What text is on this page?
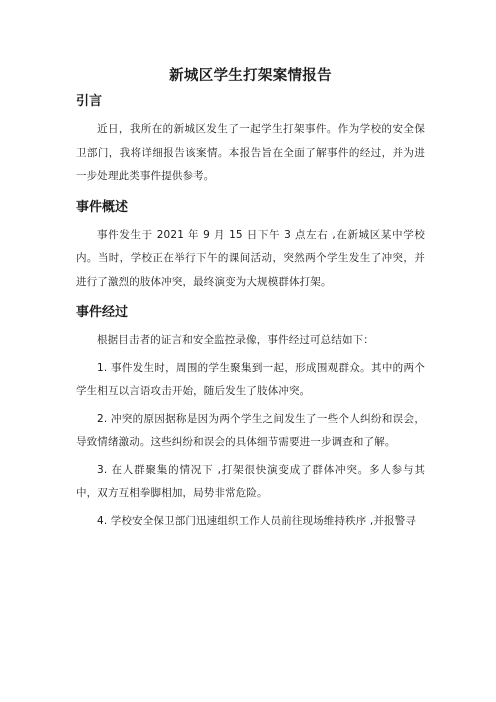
新城区学生打架案情报告
引言

近日，我所在的新城区发生了一起学生打架事件。作为学校的安全保卫部门，我将详细报告该案情。本报告旨在全面了解事件的经过，并为进一步处理此类事件提供参考。

事件概述

事件发生于 2021 年 9 月 15 日下午 3 点左右 ,在新城区某中学校内。当时，学校正在举行下午的课间活动，突然两个学生发生了冲突，并进行了激烈的肢体冲突，最终演变为大规模群体打架。

事件经过

根据目击者的证言和安全监控录像，事件经过可总结如下：

1. 事件发生时，周围的学生聚集到一起，形成围观群众。其中的两个学生相互以言语攻击开始，随后发生了肢体冲突。

2. 冲突的原因据称是因为两个学生之间发生了一些个人纠纷和误会，导致情绪激动。这些纠纷和误会的具体细节需要进一步调查和了解。

3. 在人群聚集的情况下 ,打架很快演变成了群体冲突。多人参与其中，双方互相拳脚相加，局势非常危险。

4. 学校安全保卫部门迅速组织工作人员前往现场维持秩序 ,并报警寻
